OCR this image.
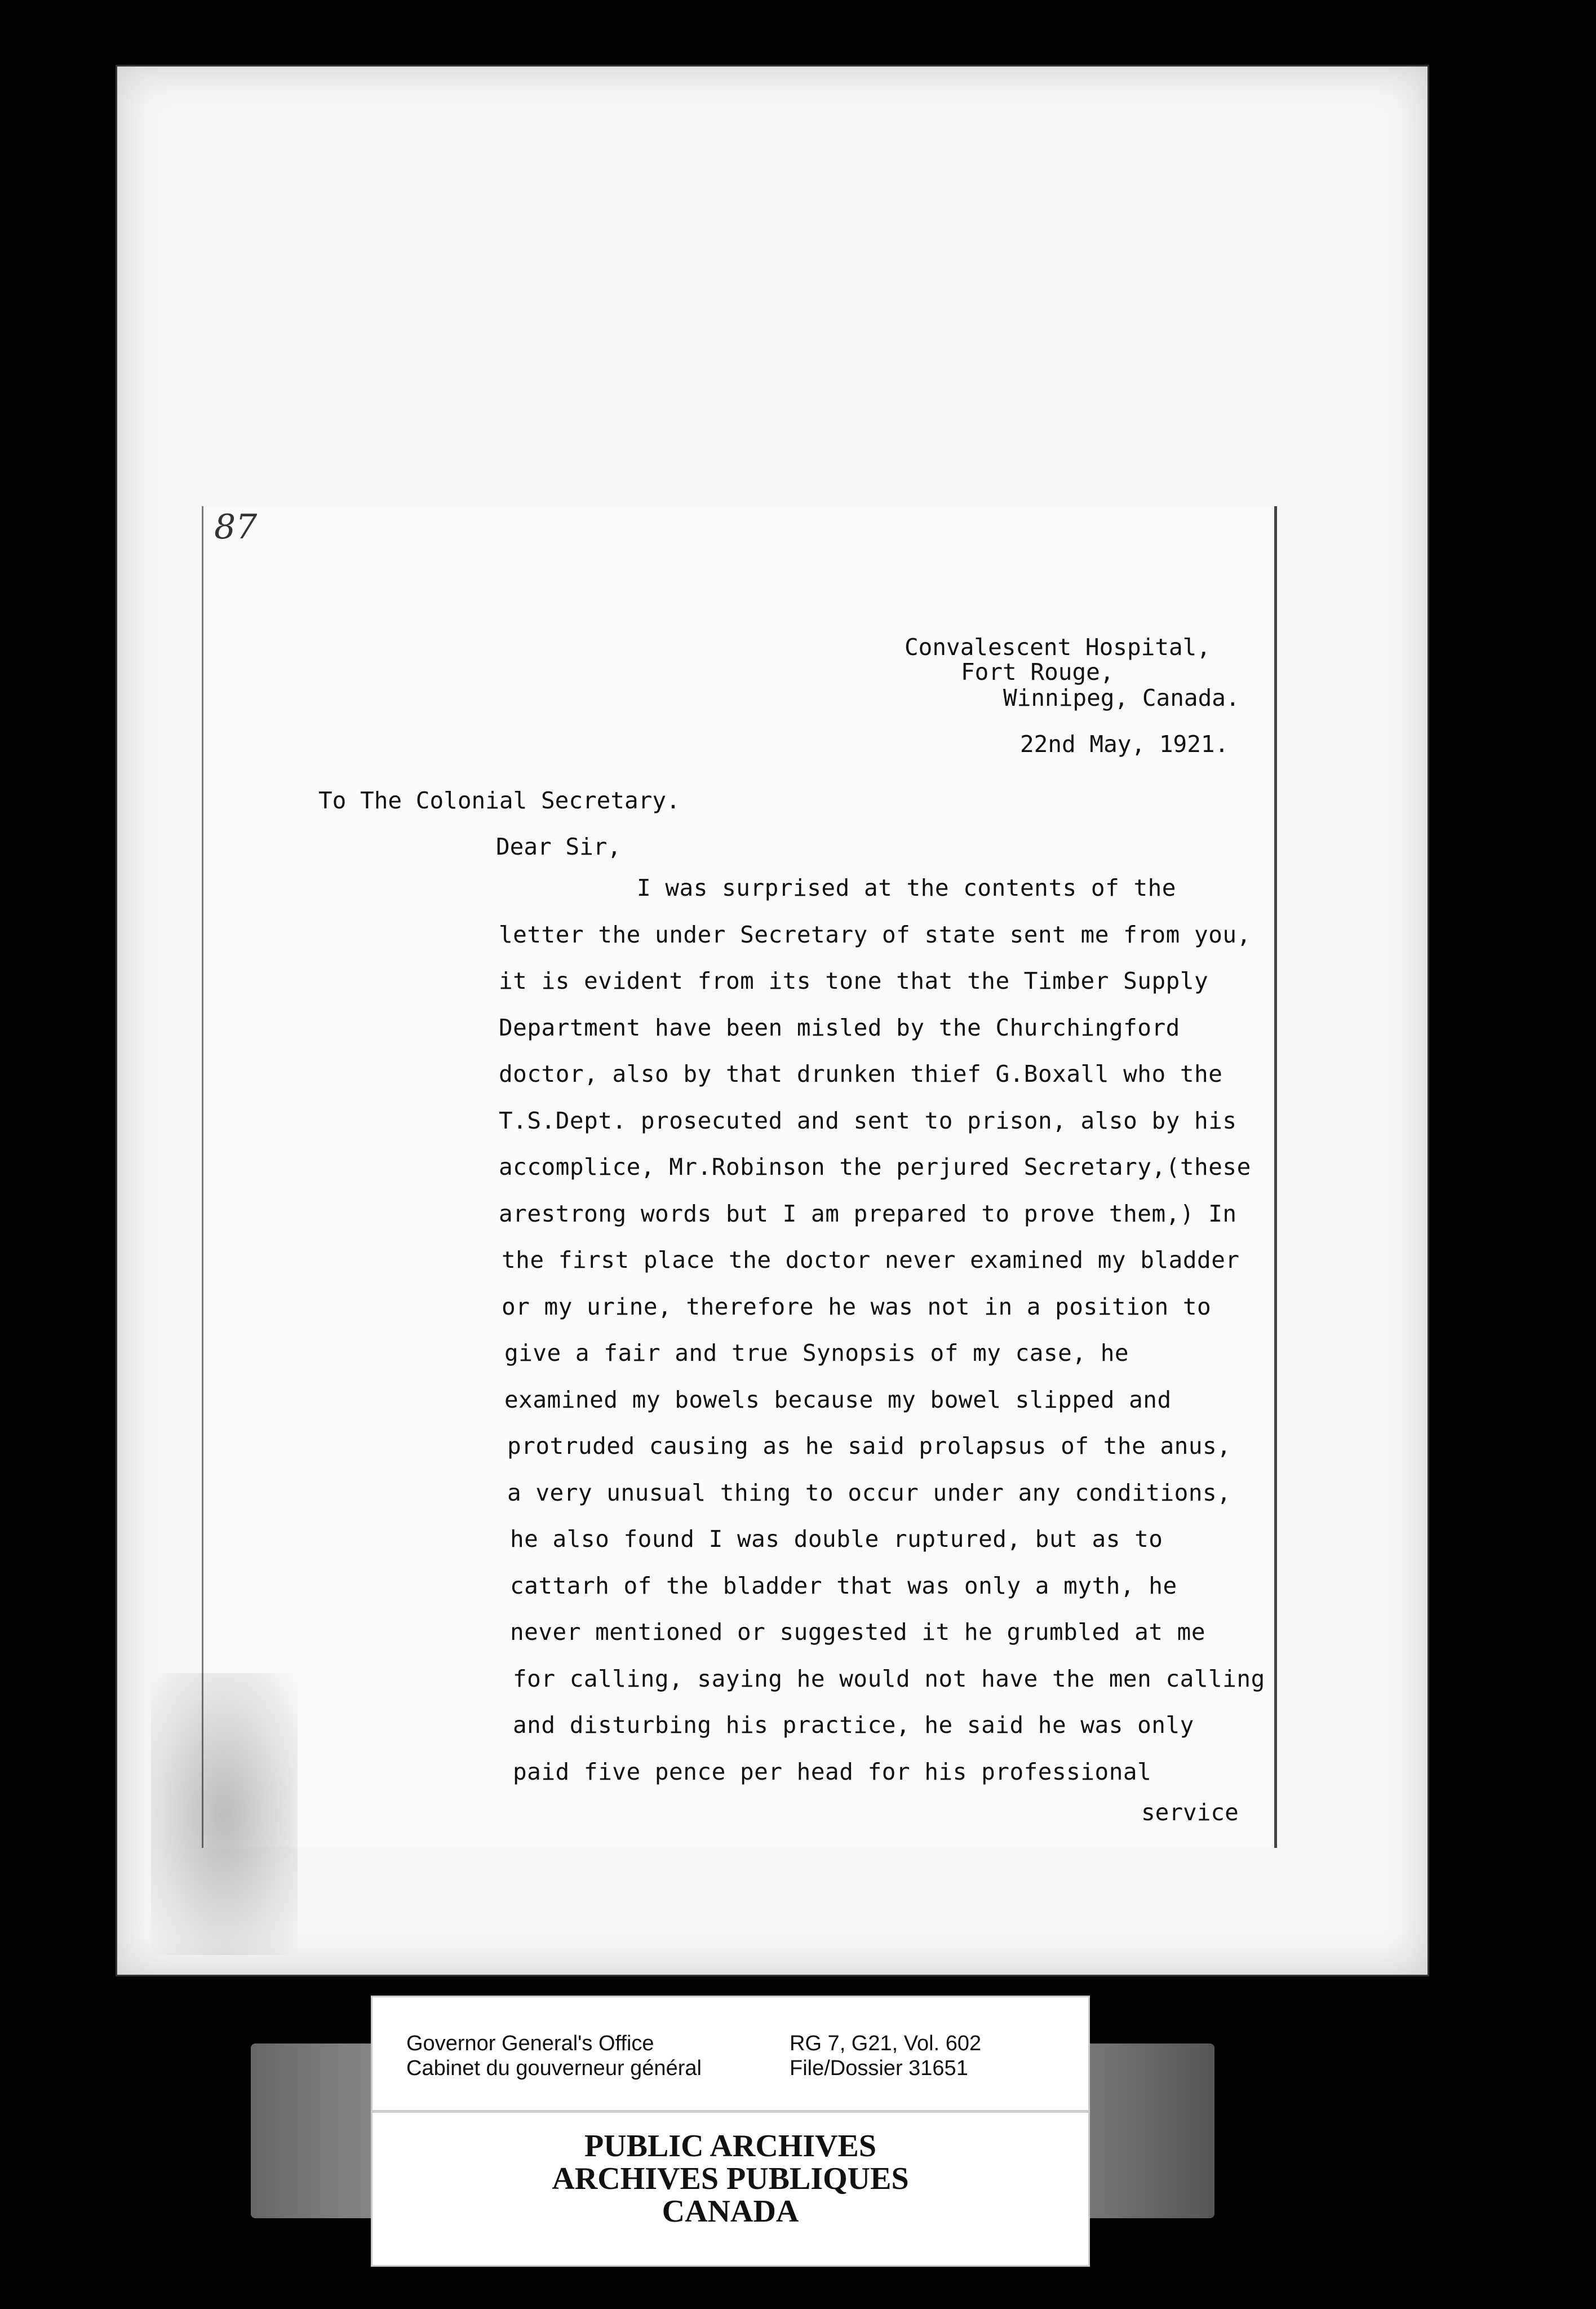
87
Convalescent Hospital,
Fort Rouge,
Winnipeg, Canada.
22nd May, 1921.
To The Colonial Secretary.
Dear Sir,
I was surprised at the contents of the
letter the under Secretary of state sent me from you,
it is evident from its tone that the Timber Supply
Department have been misled by the Churchingford
doctor, also by that drunken thief G.Boxall who the
T.S.Dept. prosecuted and sent to prison, also by his
accomplice, Mr.Robinson the perjured Secretary,(these
arestrong words but I am prepared to prove them,) In
the first place the doctor never examined my bladder
or my urine, therefore he was not in a position to
give a fair and true Synopsis of my case, he
examined my bowels because my bowel slipped and
protruded causing as he said prolapsus of the anus,
a very unusual thing to occur under any conditions,
he also found I was double ruptured, but as to
cattarh of the bladder that was only a myth, he
never mentioned or suggested it he grumbled at me
for calling, saying he would not have the men calling
and disturbing his practice, he said he was only
paid five pence per head for his professional
service
Governor General's Office
Cabinet du gouverneur général
RG 7, G21, Vol. 602
File/Dossier 31651
PUBLIC ARCHIVES
ARCHIVES PUBLIQUES
CANADA
